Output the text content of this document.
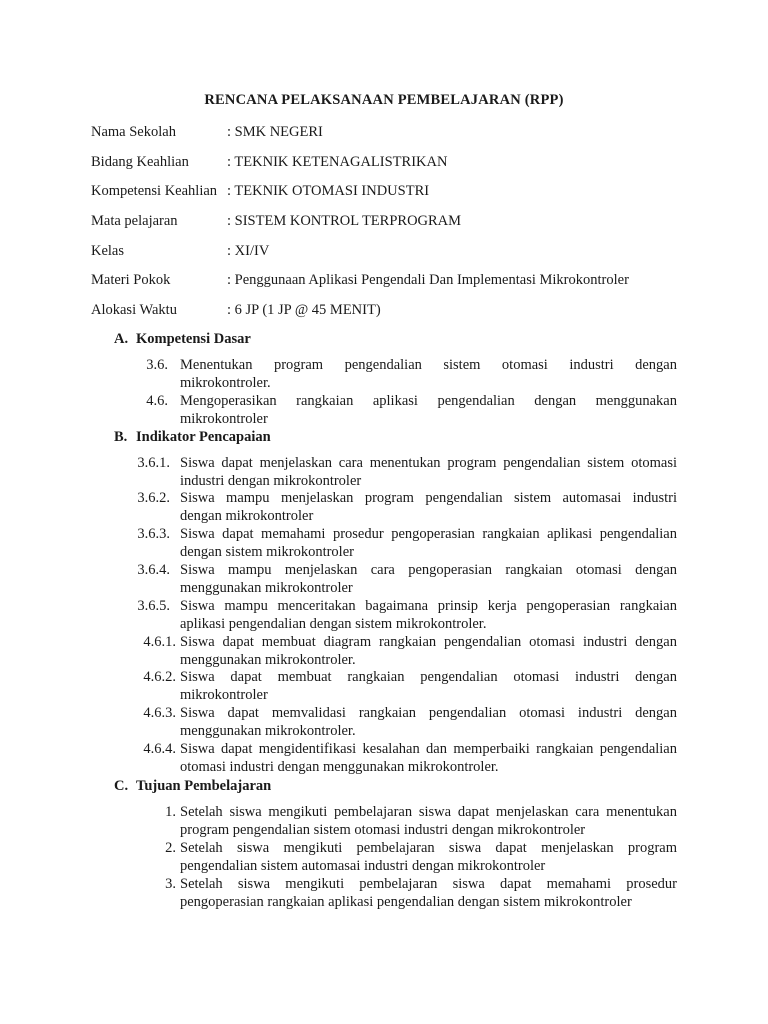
RENCANA PELAKSANAAN PEMBELAJARAN (RPP)
Nama Sekolah	: SMK NEGERI
Bidang Keahlian	: TEKNIK KETENAGALISTRIKAN
Kompetensi Keahlian : TEKNIK OTOMASI INDUSTRI
Mata pelajaran	: SISTEM KONTROL TERPROGRAM
Kelas	: XI/IV
Materi Pokok	: Penggunaan Aplikasi Pengendali Dan Implementasi Mikrokontroler
Alokasi Waktu	: 6 JP (1 JP @ 45 MENIT)
A. Kompetensi Dasar
3.6. Menentukan program pengendalian sistem otomasi industri dengan
mikrokontroler.
4.6. Mengoperasikan rangkaian aplikasi pengendalian dengan menggunakan
mikrokontroler
B. Indikator Pencapaian
3.6.1. Siswa dapat menjelaskan cara menentukan program pengendalian sistem otomasi
industri dengan mikrokontroler
3.6.2. Siswa mampu menjelaskan program pengendalian sistem automasai industri
dengan mikrokontroler
3.6.3. Siswa dapat memahami prosedur pengoperasian rangkaian aplikasi pengendalian
dengan sistem mikrokontroler
3.6.4. Siswa mampu menjelaskan cara pengoperasian rangkaian otomasi dengan
menggunakan mikrokontroler
3.6.5. Siswa mampu menceritakan bagaimana prinsip kerja pengoperasian rangkaian
aplikasi pengendalian dengan sistem mikrokontroler.
4.6.1. Siswa dapat membuat diagram rangkaian pengendalian otomasi industri dengan
menggunakan mikrokontroler.
4.6.2. Siswa dapat membuat rangkaian pengendalian otomasi industri dengan
mikrokontroler
4.6.3. Siswa dapat memvalidasi rangkaian pengendalian otomasi industri dengan
menggunakan mikrokontroler.
4.6.4. Siswa dapat mengidentifikasi kesalahan dan memperbaiki rangkaian pengendalian
otomasi industri dengan menggunakan mikrokontroler.
C. Tujuan Pembelajaran
1. Setelah siswa mengikuti pembelajaran siswa dapat menjelaskan cara menentukan
program pengendalian sistem otomasi industri dengan mikrokontroler
2. Setelah siswa mengikuti pembelajaran siswa dapat menjelaskan program
pengendalian sistem automasai industri dengan mikrokontroler
3. Setelah siswa mengikuti pembelajaran siswa dapat memahami prosedur
pengoperasian rangkaian aplikasi pengendalian dengan sistem mikrokontroler
